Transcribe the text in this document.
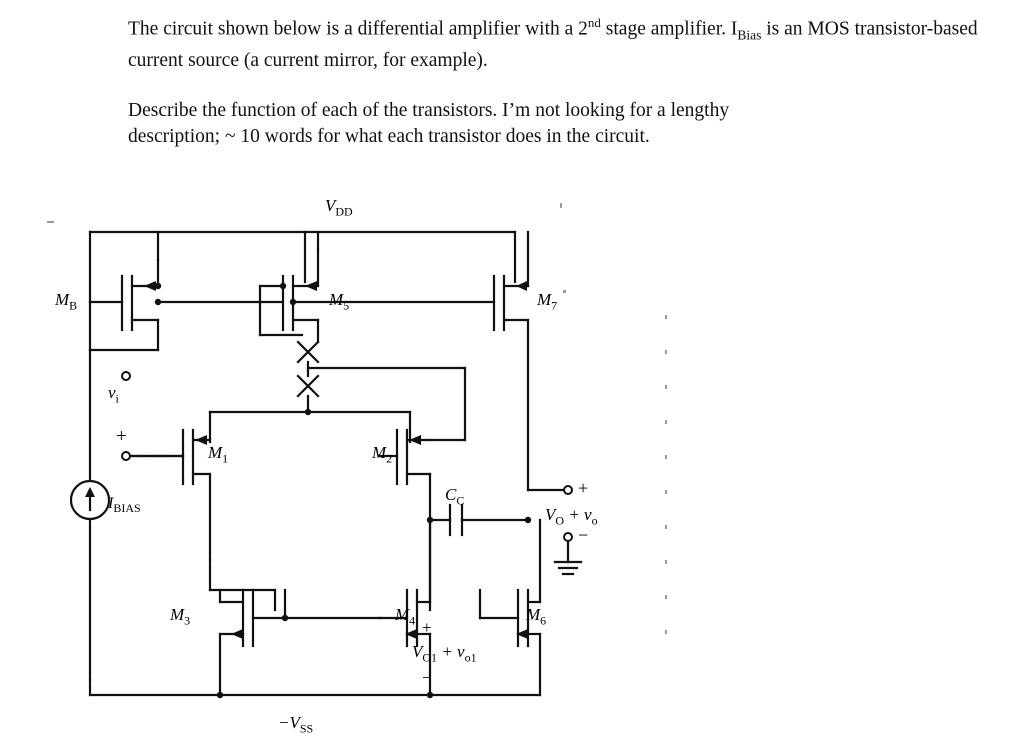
The circuit shown below is a differential amplifier with a 2nd stage amplifier. $I_{Bias}$ is an MOS transistor-based current source (a current mirror, for example).
Describe the function of each of the transistors. I’m not looking for a lengthy
description; ~ 10 words for what each transistor does in the circuit.
$V_{DD}$
$M_B$	$M_5$	$M_7$
$v_i$
+
$I_{BIAS}$
$M_1$	$M_2$
$C_C$
+
$V_O + v_o$
−
$M_3$	$M_4$	$M_6$
+
$V_{O1} + v_{o1}$
−
$-V_{SS}$
